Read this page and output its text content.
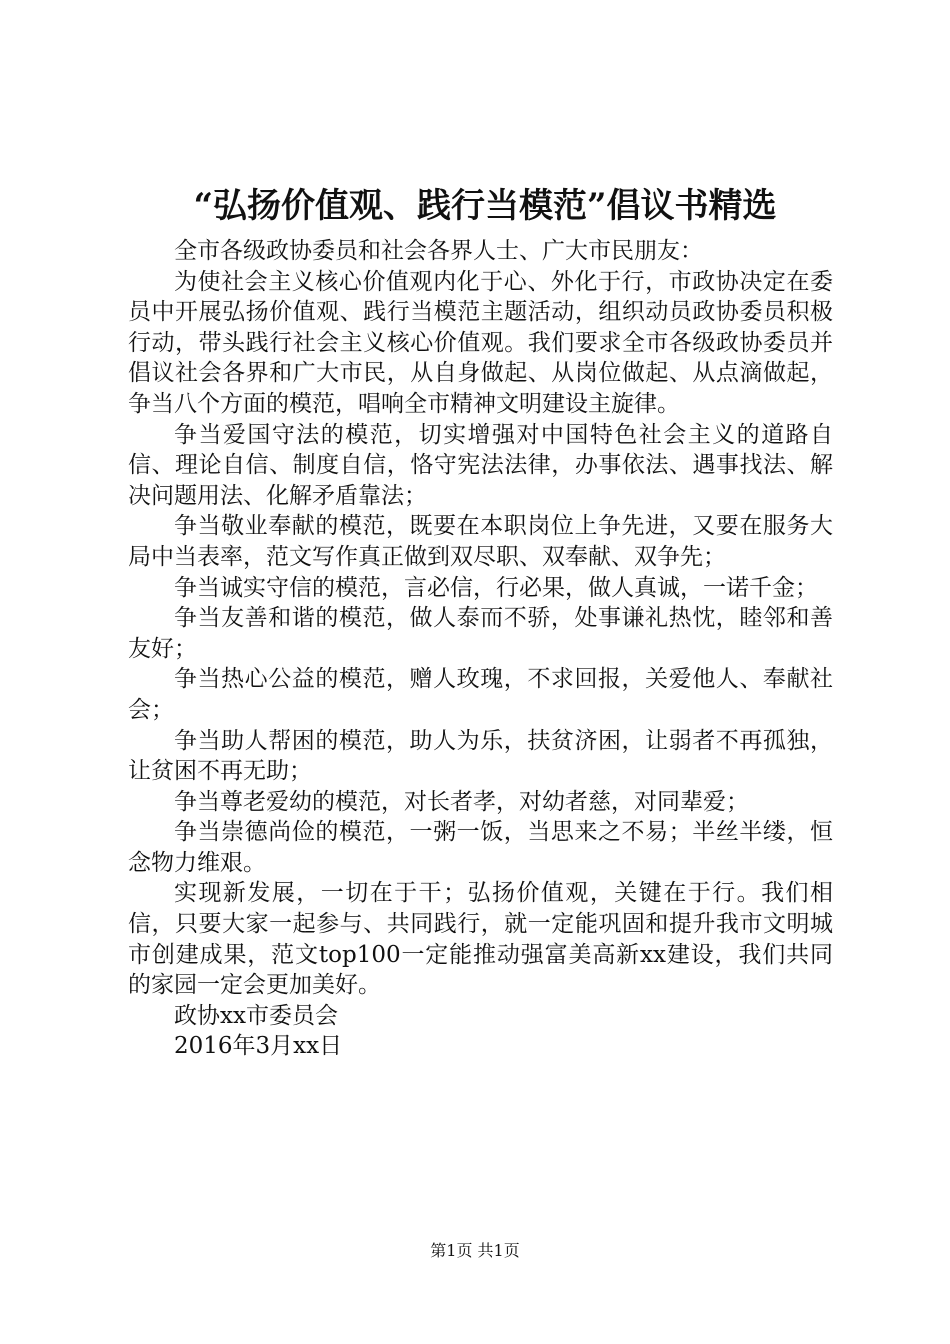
“弘扬价值观、践行当模范”倡议书精选

全市各级政协委员和社会各界人士、广大市民朋友：

为使社会主义核心价值观内化于心、外化于行，市政协决定在委员中开展弘扬价值观、践行当模范主题活动，组织动员政协委员积极行动，带头践行社会主义核心价值观。我们要求全市各级政协委员并倡议社会各界和广大市民，从自身做起、从岗位做起、从点滴做起，争当八个方面的模范，唱响全市精神文明建设主旋律。

争当爱国守法的模范，切实增强对中国特色社会主义的道路自信、理论自信、制度自信，恪守宪法法律，办事依法、遇事找法、解决问题用法、化解矛盾靠法；

争当敬业奉献的模范，既要在本职岗位上争先进，又要在服务大局中当表率，范文写作真正做到双尽职、双奉献、双争先；

争当诚实守信的模范，言必信，行必果，做人真诚，一诺千金；

争当友善和谐的模范，做人泰而不骄，处事谦礼热忱，睦邻和善友好；

争当热心公益的模范，赠人玫瑰，不求回报，关爱他人、奉献社会；

争当助人帮困的模范，助人为乐，扶贫济困，让弱者不再孤独，让贫困不再无助；

争当尊老爱幼的模范，对长者孝，对幼者慈，对同辈爱；

争当崇德尚俭的模范，一粥一饭，当思来之不易；半丝半缕，恒念物力维艰。

实现新发展，一切在于干；弘扬价值观，关键在于行。我们相信，只要大家一起参与、共同践行，就一定能巩固和提升我市文明城市创建成果，范文top100一定能推动强富美高新xx建设，我们共同的家园一定会更加美好。

政协xx市委员会

2016年3月xx日

第1页 共1页
